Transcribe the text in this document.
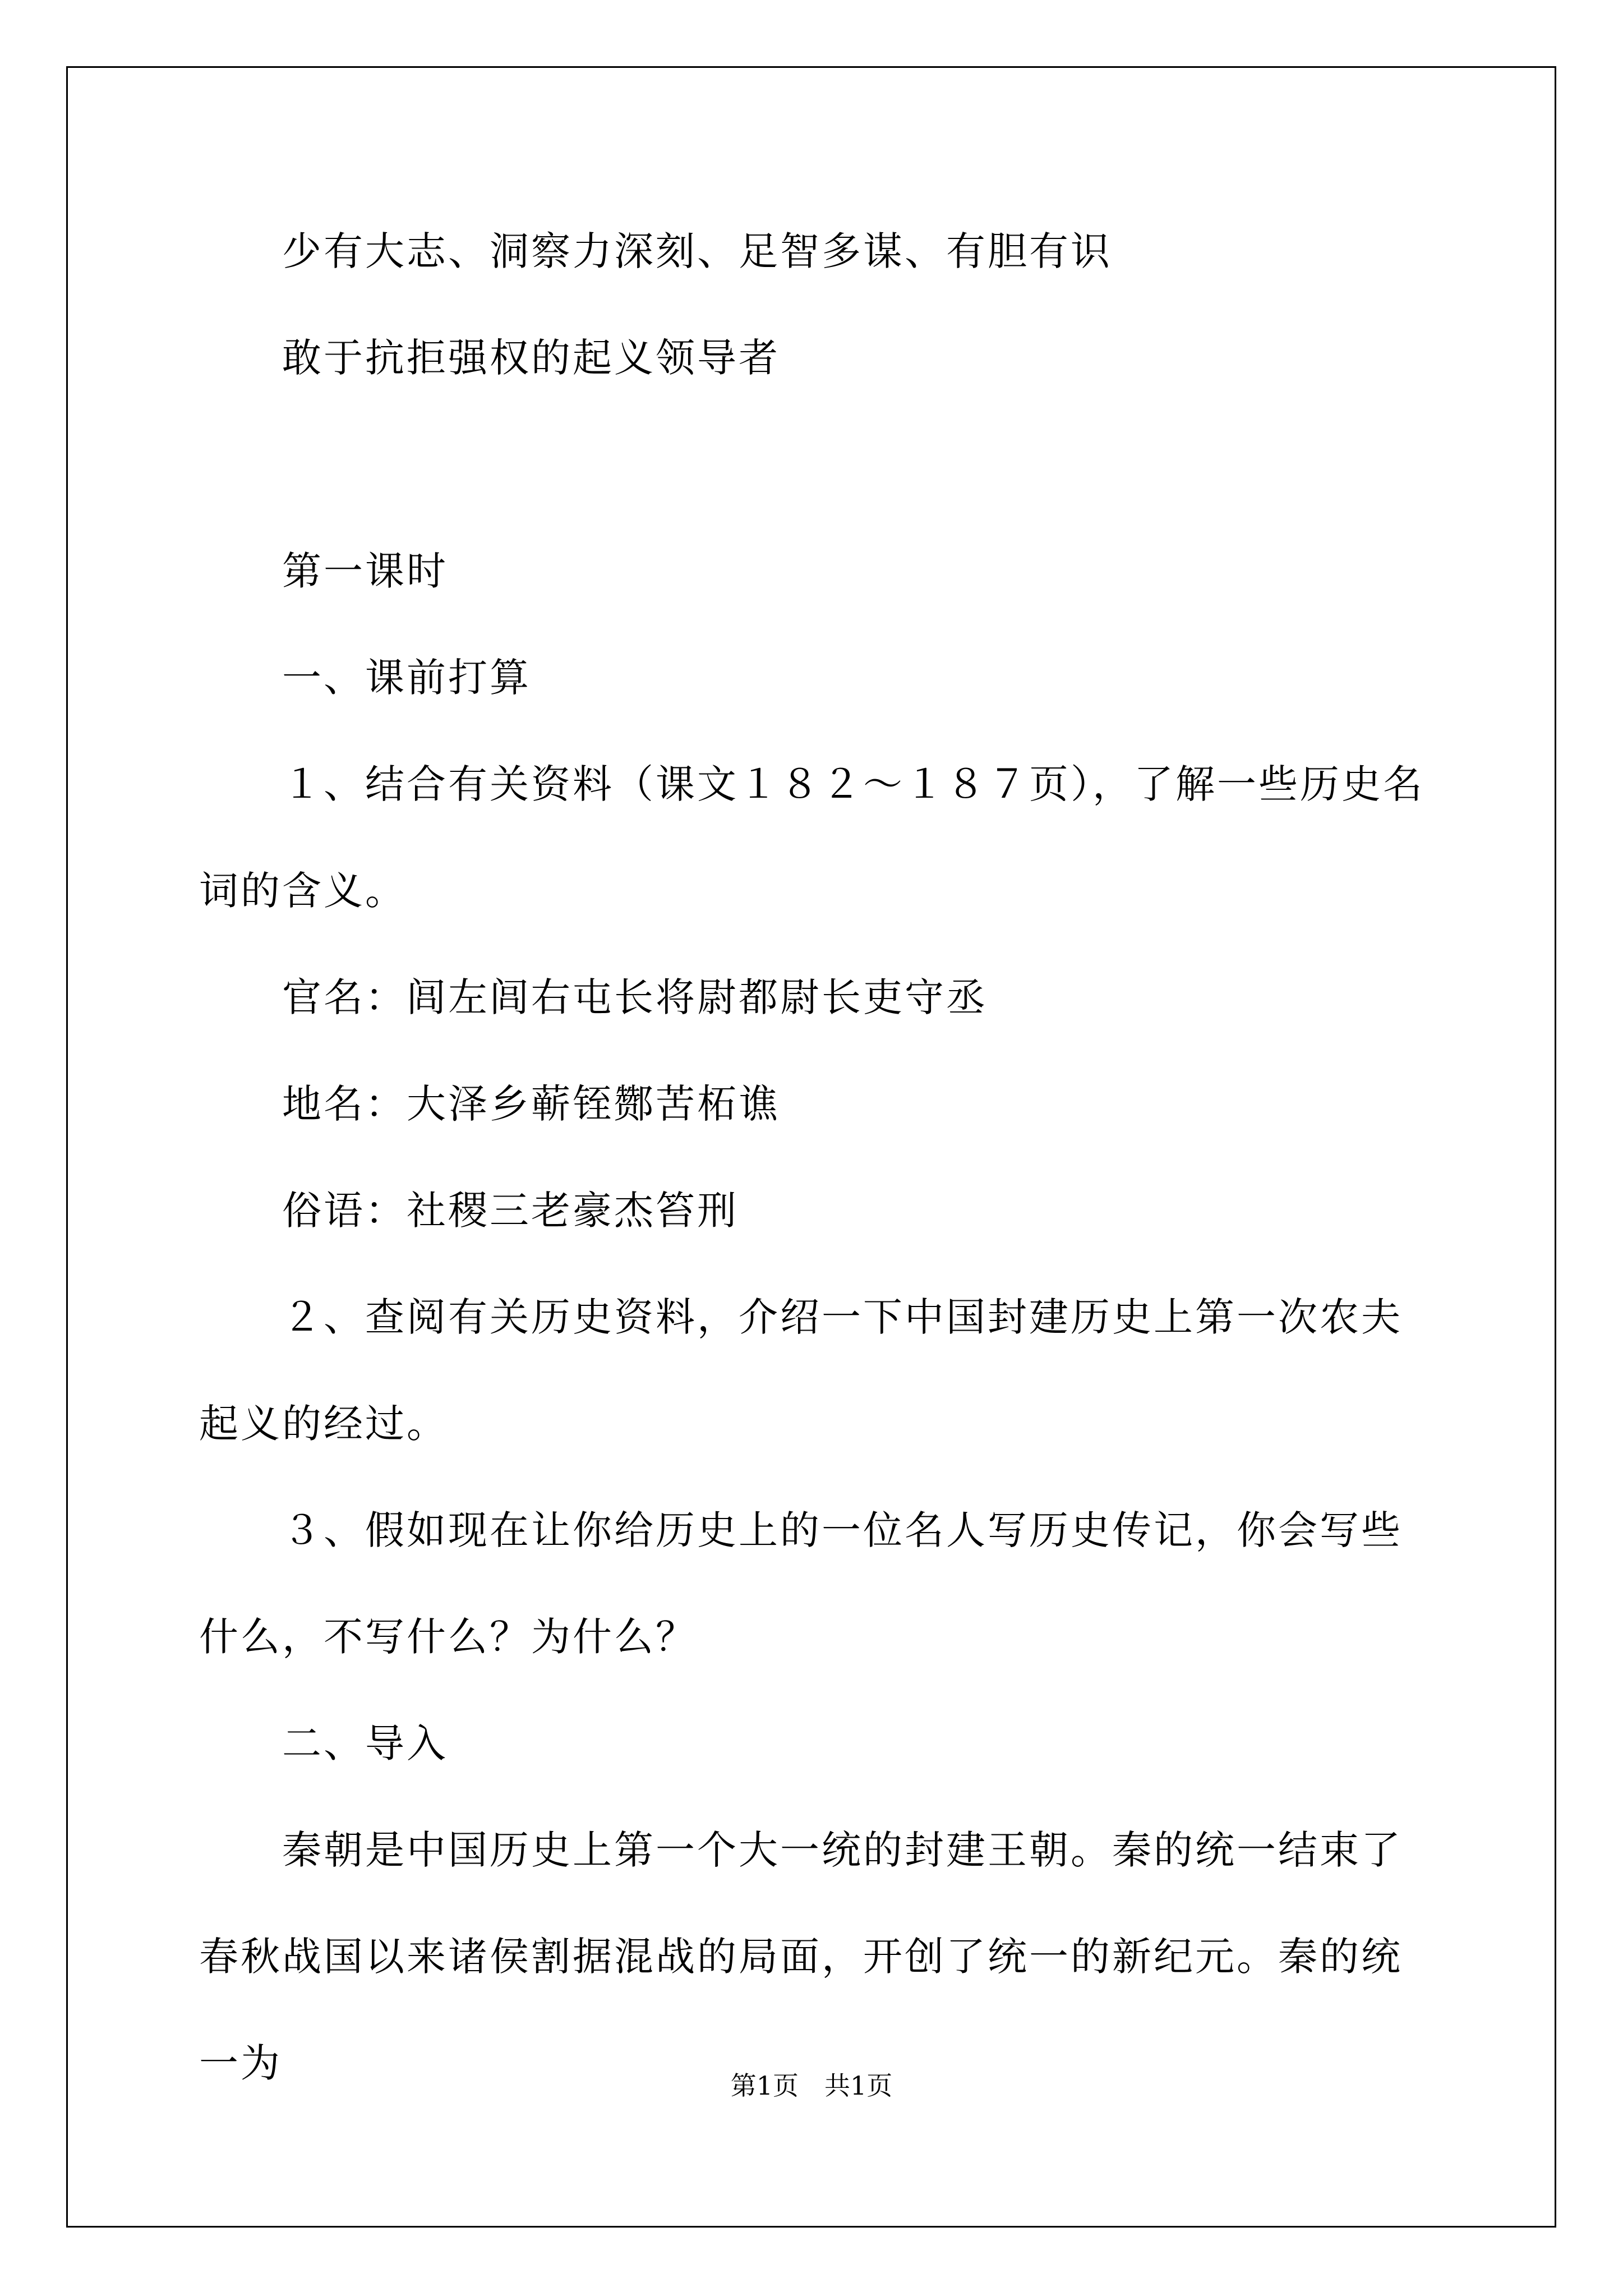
少有大志、洞察力深刻、足智多谋、有胆有识

敢于抗拒强权的起义领导者

第一课时

一、课前打算

１、结合有关资料（课文１８２～１８７页），了解一些历史名词的含义。

官名：闾左闾右屯长将尉都尉长吏守丞

地名：大泽乡蕲铚酂苦柘谯

俗语：社稷三老豪杰笞刑

２、查阅有关历史资料，介绍一下中国封建历史上第一次农夫起义的经过。

３、假如现在让你给历史上的一位名人写历史传记，你会写些什么，不写什么？为什么？

二、导入

秦朝是中国历史上第一个大一统的封建王朝。秦的统一结束了春秋战国以来诸侯割据混战的局面，开创了统一的新纪元。秦的统一为	第1页　共1页
